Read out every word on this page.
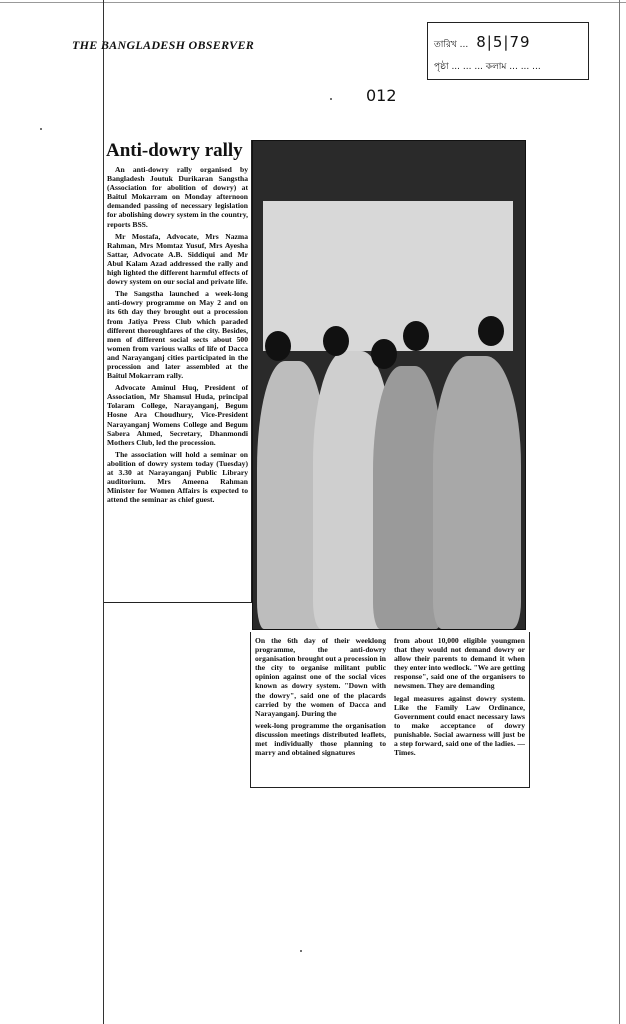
THE BANGLADESH OBSERVER	তারিখ ... 8|5|79
পৃষ্ঠা ... ... ... কলাম ... ... ...
012
Anti-dowry rally

An anti-dowry rally organised by Bangladesh Joutuk Durikaran Sangstha (Association for abolition of dowry) at Baitul Mokarram on Monday afternoon demanded passing of necessary legislation for abolishing dowry system in the country, reports BSS.

Mr Mostafa, Advocate, Mrs Nazma Rahman, Mrs Momtaz Yusuf, Mrs Ayesha Sattar, Advocate A.B. Siddiqui and Mr Abul Kalam Azad addressed the rally and high lighted the different harmful effects of dowry system on our social and private life.

The Sangstha launched a week-long anti-dowry programme on May 2 and on its 6th day they brought out a procession from Jatiya Press Club which paraded different thoroughfares of the city. Besides, men of different social sects about 500 women from various walks of life of Dacca and Narayanganj cities participated in the procession and later assembled at the Baitul Mokarram rally.

Advocate Aminul Huq, President of Association, Mr Shamsul Huda, principal Tolaram College, Narayanganj, Begum Hosne Ara Choudhury, Vice-President Narayanganj Womens College and Begum Sabera Ahmed, Secretary, Dhanmondi Mothers Club, led the procession.

The association will hold a seminar on abolition of dowry system today (Tuesday) at 3.30 at Narayanganj Public Library auditorium. Mrs Ameena Rahman Minister for Women Affairs is expected to attend the seminar as chief guest.

On the 6th day of their weeklong programme, the anti-dowry organisation brought out a procession in the city to organise militant public opinion against one of the social vices known as dowry system. "Down with the dowry", said one of the placards carried by the women of Dacca and Narayanganj. During the

week-long programme the organisation discussion meetings distributed leaflets, met individually those planning to marry and obtained signatures

from about 10,000 eligible youngmen that they would not demand dowry or allow their parents to demand it when they enter into wedlock. "We are getting response", said one of the organisers to newsmen. They are demanding

legal measures against dowry system. Like the Family Law Ordinance, Government could enact necessary laws to make acceptance of dowry punishable. Social awarness will just be a step forward, said one of the ladies. — Times.
